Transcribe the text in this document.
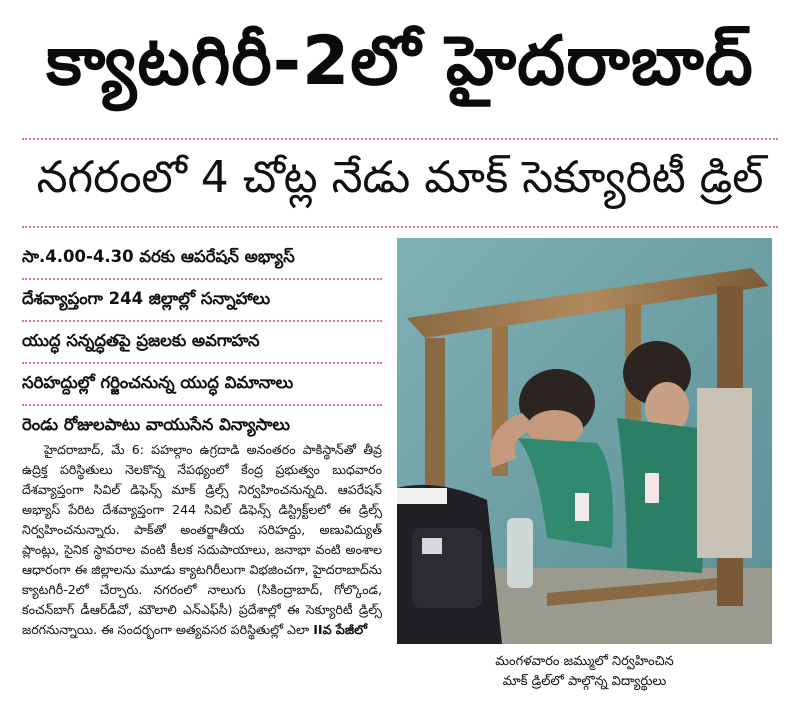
క్యాటగిరీ-2లో హైదరాబాద్
నగరంలో 4 చోట్ల నేడు మాక్ సెక్యూరిటీ డ్రిల్
సా.4.00-4.30 వరకు ఆపరేషన్ అభ్యాస్
దేశవ్యాప్తంగా 244 జిల్లాల్లో సన్నాహాలు
యుద్ధ సన్నద్ధతపై ప్రజలకు అవగాహన
సరిహద్దుల్లో గర్జించనున్న యుద్ధ విమానాలు
రెండు రోజులపాటు వాయుసేన విన్యాసాలు

హైదరాబాద్, మే 6: పహల్గాం ఉగ్రదాడి అనంతరం పాకిస్థాన్‌తో తీవ్ర ఉద్రిక్త పరిస్థితులు నెలకొన్న నేపథ్యంలో కేంద్ర ప్రభుత్వం బుధవారం దేశవ్యాప్తంగా సివిల్ డిఫెన్స్ మాక్ డ్రిల్స్ నిర్వహించనున్నది. ఆపరేషన్ అభ్యాస్ పేరిట దేశవ్యాప్తంగా 244 సివిల్ డిఫెన్స్ డిస్ట్రిక్ట్‌లలో ఈ డ్రిల్స్ నిర్వహించనున్నారు. పాక్‌తో అంతర్జాతీయ సరిహద్దు, అణువిద్యుత్ ప్లాంట్లు, సైనిక స్థావరాల వంటి కీలక సదుపాయాలు, జనాభా వంటి అంశాల ఆధారంగా ఈ జిల్లాలను మూడు క్యాటగిరీలుగా విభజించగా, హైదరాబాద్‌ను క్యాటగిరీ-2లో చేర్చారు. నగరంలో నాలుగు (సికింద్రాబాద్, గోల్కొండ, కంచన్‌బాగ్ డీఆర్‌డీవో, మౌలాలి ఎన్‌ఎఫ్‌సీ) ప్రదేశాల్లో ఈ సెక్యూరిటీ డ్రిల్స్ జరగనున్నాయి. ఈ సందర్భంగా అత్యవసర పరిస్థితుల్లో ఎలా IIవ పేజీలో

మంగళవారం జమ్ములో నిర్వహించిన
మాక్ డ్రిల్‌లో పాల్గొన్న విద్యార్థులు
